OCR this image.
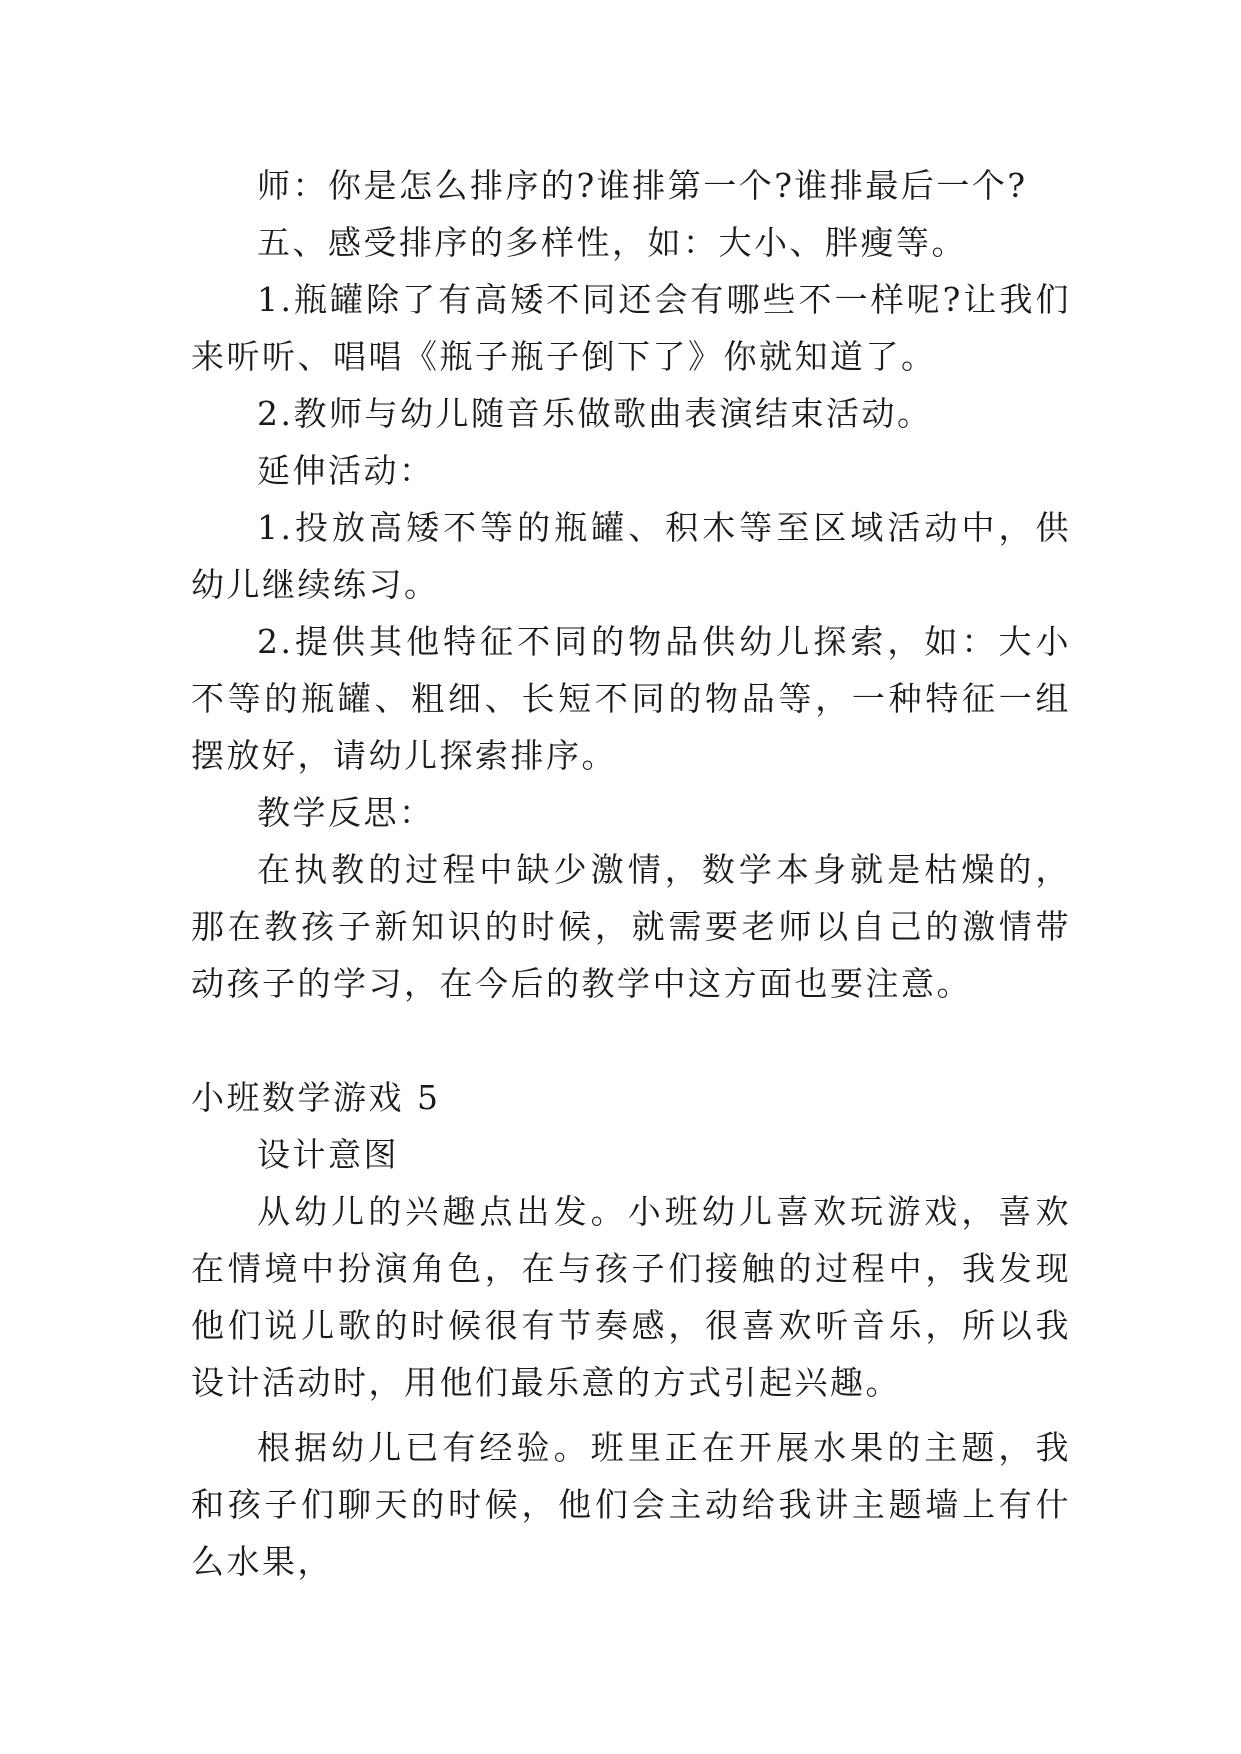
师：你是怎么排序的?谁排第一个?谁排最后一个?

五、感受排序的多样性，如：大小、胖瘦等。

1.瓶罐除了有高矮不同还会有哪些不一样呢?让我们来听听、唱唱《瓶子瓶子倒下了》你就知道了。

2.教师与幼儿随音乐做歌曲表演结束活动。

延伸活动：

1.投放高矮不等的瓶罐、积木等至区域活动中，供幼儿继续练习。

2.提供其他特征不同的物品供幼儿探索，如：大小不等的瓶罐、粗细、长短不同的物品等，一种特征一组摆放好，请幼儿探索排序。

教学反思：

在执教的过程中缺少激情，数学本身就是枯燥的，那在教孩子新知识的时候，就需要老师以自己的激情带动孩子的学习，在今后的教学中这方面也要注意。

小班数学游戏 5

设计意图

从幼儿的兴趣点出发。小班幼儿喜欢玩游戏，喜欢在情境中扮演角色，在与孩子们接触的过程中，我发现他们说儿歌的时候很有节奏感，很喜欢听音乐，所以我设计活动时，用他们最乐意的方式引起兴趣。

根据幼儿已有经验。班里正在开展水果的主题，我和孩子们聊天的时候，他们会主动给我讲主题墙上有什么水果，
